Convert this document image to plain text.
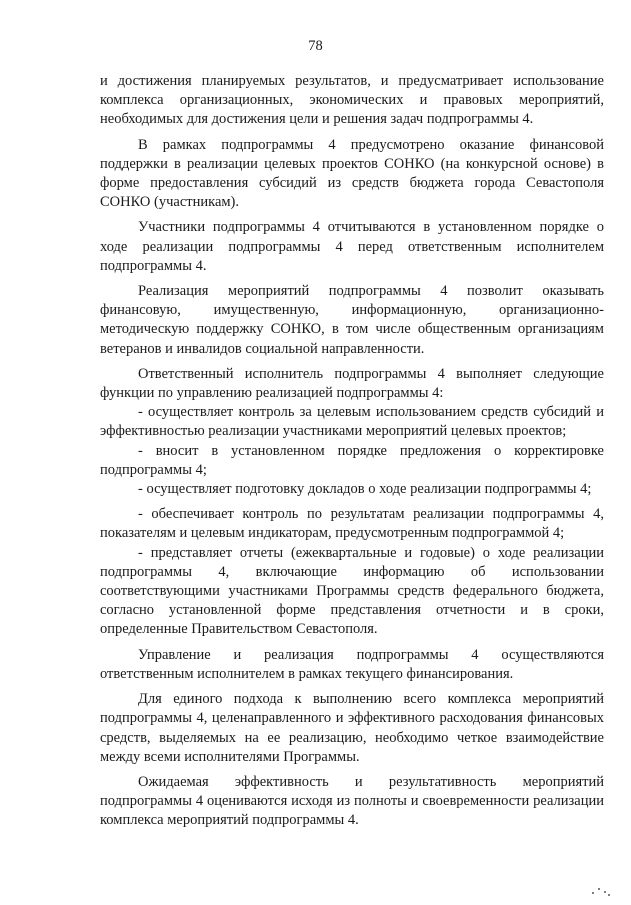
78

и достижения планируемых результатов, и предусматривает использование комплекса организационных, экономических и правовых мероприятий, необходимых для достижения цели и решения задач подпрограммы 4.

В рамках подпрограммы 4 предусмотрено оказание финансовой поддержки в реализации целевых проектов СОНКО (на конкурсной основе) в форме предоставления субсидий из средств бюджета города Севастополя СОНКО (участникам).

Участники подпрограммы 4 отчитываются в установленном порядке о ходе реализации подпрограммы 4 перед ответственным исполнителем подпрограммы 4.

Реализация мероприятий подпрограммы 4 позволит оказывать финансовую, имущественную, информационную, организационно-методическую поддержку СОНКО, в том числе общественным организациям ветеранов и инвалидов социальной направленности.

Ответственный исполнитель подпрограммы 4 выполняет следующие функции по управлению реализацией подпрограммы 4:

- осуществляет контроль за целевым использованием средств субсидий и эффективностью реализации участниками мероприятий целевых проектов;

- вносит в установленном порядке предложения о корректировке подпрограммы 4;

- осуществляет подготовку докладов о ходе реализации подпрограммы 4;

- обеспечивает контроль по результатам реализации подпрограммы 4, показателям и целевым индикаторам, предусмотренным подпрограммой 4;

- представляет отчеты (ежеквартальные и годовые) о ходе реализации подпрограммы 4, включающие информацию об использовании соответствующими участниками Программы средств федерального бюджета, согласно установленной форме представления отчетности и в сроки, определенные Правительством Севастополя.

Управление и реализация подпрограммы 4 осуществляются ответственным исполнителем в рамках текущего финансирования.

Для единого подхода к выполнению всего комплекса мероприятий подпрограммы 4, целенаправленного и эффективного расходования финансовых средств, выделяемых на ее реализацию, необходимо четкое взаимодействие между всеми исполнителями Программы.

Ожидаемая эффективность и результативность мероприятий подпрограммы 4 оцениваются исходя из полноты и своевременности реализации комплекса мероприятий подпрограммы 4.
